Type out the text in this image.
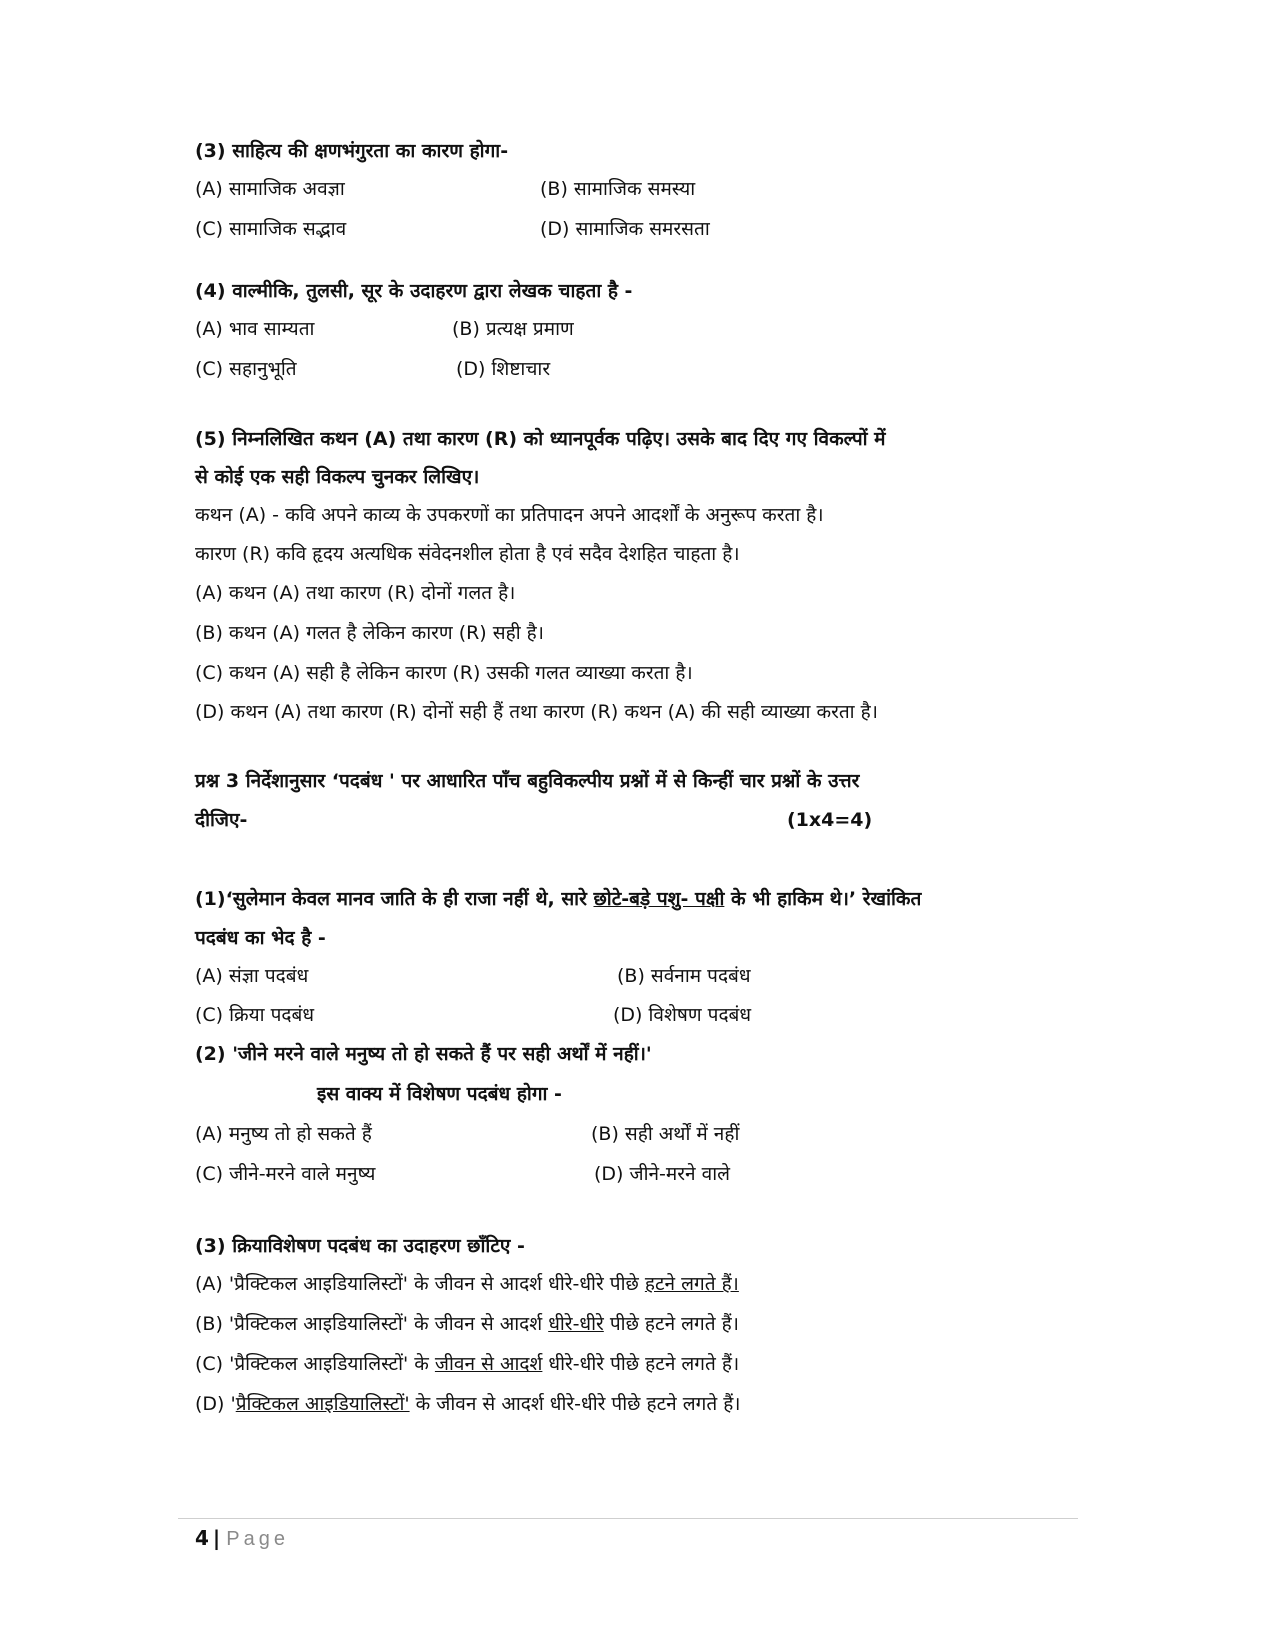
(3) साहित्य की क्षणभंगुरता का कारण होगा-

(A) सामाजिक अवज्ञा	(B) सामाजिक समस्या
(C) सामाजिक सद्भाव	(D) सामाजिक समरसता

(4) वाल्मीकि, तुलसी, सूर के उदाहरण द्वारा लेखक चाहता है -

(A) भाव साम्यता	(B) प्रत्यक्ष प्रमाण
(C) सहानुभूति	(D) शिष्टाचार

(5) निम्नलिखित कथन (A) तथा कारण (R) को ध्यानपूर्वक पढ़िए। उसके बाद दिए गए विकल्पों में

से कोई एक सही विकल्प चुनकर लिखिए।

कथन (A) - कवि अपने काव्य के उपकरणों का प्रतिपादन अपने आदर्शों के अनुरूप करता है।

कारण (R) कवि हृदय अत्यधिक संवेदनशील होता है एवं सदैव देशहित चाहता है।

(A) कथन (A) तथा कारण (R) दोनों गलत है।

(B) कथन (A) गलत है लेकिन कारण (R) सही है।

(C) कथन (A) सही है लेकिन कारण (R) उसकी गलत व्याख्या करता है।

(D) कथन (A) तथा कारण (R) दोनों सही हैं तथा कारण (R) कथन (A) की सही व्याख्या करता है।

प्रश्न 3 निर्देशानुसार ‘पदबंध ' पर आधारित पाँच बहुविकल्पीय प्रश्नों में से किन्हीं चार प्रश्नों के उत्तर

दीजिए-	(1x4=4)

(1)‘सुलेमान केवल मानव जाति के ही राजा नहीं थे, सारे छोटे-बड़े पशु- पक्षी के भी हाकिम थे।’ रेखांकित

पदबंध का भेद है -

(A) संज्ञा पदबंध	(B) सर्वनाम पदबंध
(C) क्रिया पदबंध	(D) विशेषण पदबंध

(2) 'जीने मरने वाले मनुष्य तो हो सकते हैं पर सही अर्थों में नहीं।'

इस वाक्य में विशेषण पदबंध होगा -

(A) मनुष्य तो हो सकते हैं	(B) सही अर्थों में नहीं
(C) जीने-मरने वाले मनुष्य	(D) जीने-मरने वाले

(3) क्रियाविशेषण पदबंध का उदाहरण छाँटिए -

(A) 'प्रैक्टिकल आइडियालिस्टों' के जीवन से आदर्श धीरे-धीरे पीछे हटने लगते हैं।

(B) 'प्रैक्टिकल आइडियालिस्टों' के जीवन से आदर्श धीरे-धीरे पीछे हटने लगते हैं।

(C) 'प्रैक्टिकल आइडियालिस्टों' के जीवन से आदर्श धीरे-धीरे पीछे हटने लगते हैं।

(D) 'प्रैक्टिकल आइडियालिस्टों' के जीवन से आदर्श धीरे-धीरे पीछे हटने लगते हैं।

4 | Page
